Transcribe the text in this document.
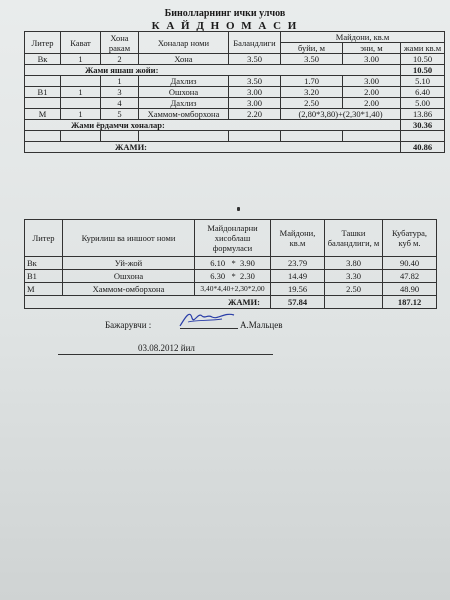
Бинолларнинг ички улчов
К А Й Д Н О М А С И
Литер	Кават	Хона ракам	Хоналар номи	Баландлиги	Майдони, кв.м		
					буйи, м	эни, м	жами кв.м
Вк	1	2	Хона	3.50	3.50	3.00	10.50
Жами яшаш жойи:							10.50
		1	Дахлиз	3.50	1.70	3.00	5.10
В1	1	3	Ошхона	3.00	3.20	2.00	6.40
		4	Дахлиз	3.00	2.50	2.00	5.00
М	1	5	Хаммом-омборхона	2.20	(2,80*3,80)+(2,30*1,40)		13.86
Жами ёрдамчи хоналар:							30.36

ЖАМИ:							40.86
Литер	Курилиш ва иншоот номи	Майдонларни хисоблаш формуласи	Майдони, кв.м	Ташки баландлиги, м	Кубатура, куб м.
Вк	Уй-жой	6.10   *  3.90	23.79	3.80	90.40
В1	Ошхона	6.30   *  2.30	14.49	3.30	47.82
М	Хаммом-омборхона	3,40*4,40+2,30*2,00	19.56	2.50	48.90
ЖАМИ:			57.84		187.12
Бажарувчи :	А.Мальцев
03.08.2012 йил
